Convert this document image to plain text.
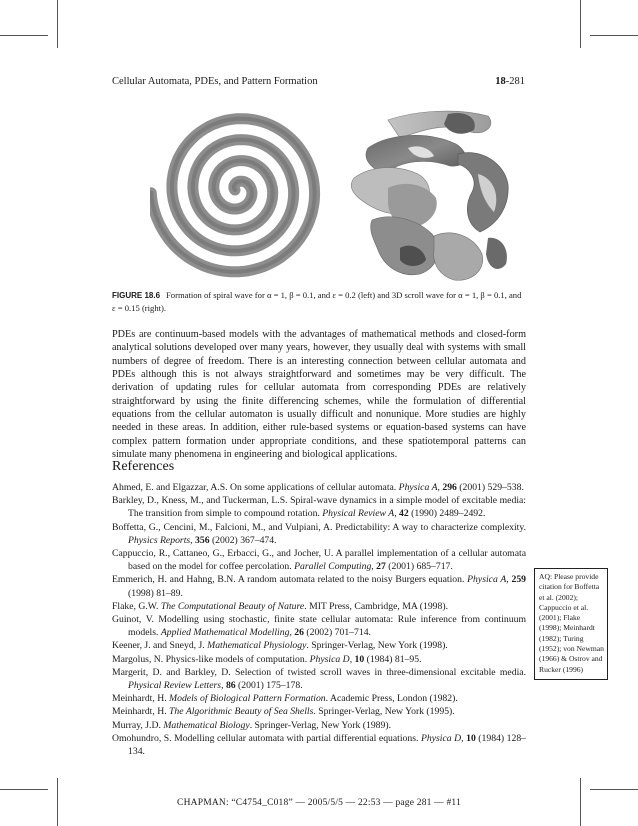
Cellular Automata, PDEs, and Pattern Formation	18-281
FIGURE 18.6 Formation of spiral wave for α = 1, β = 0.1, and ε = 0.2 (left) and 3D scroll wave for α = 1, β = 0.1, and ε = 0.15 (right).

PDEs are continuum-based models with the advantages of mathematical methods and closed-form analytical solutions developed over many years, however, they usually deal with systems with small numbers of degree of freedom. There is an interesting connection between cellular automata and PDEs although this is not always straightforward and sometimes may be very difficult. The derivation of updating rules for cellular automata from corresponding PDEs are relatively straightforward by using the finite differencing schemes, while the formulation of differential equations from the cellular automaton is usually difficult and nonunique. More studies are highly needed in these areas. In addition, either rule-based systems or equation-based systems can have complex pattern formation under appropriate conditions, and these spatiotemporal patterns can simulate many phenomena in engineering and biological applications.

References
Ahmed, E. and Elgazzar, A.S. On some applications of cellular automata. Physica A, 296 (2001) 529–538.
Barkley, D., Kness, M., and Tuckerman, L.S. Spiral-wave dynamics in a simple model of excitable media: The transition from simple to compound rotation. Physical Review A, 42 (1990) 2489–2492.
Boffetta, G., Cencini, M., Falcioni, M., and Vulpiani, A. Predictability: A way to characterize complexity. Physics Reports, 356 (2002) 367–474.
Cappuccio, R., Cattaneo, G., Erbacci, G., and Jocher, U. A parallel implementation of a cellular automata based on the model for coffee percolation. Parallel Computing, 27 (2001) 685–717.
Emmerich, H. and Hahng, B.N. A random automata related to the noisy Burgers equation. Physica A, 259 (1998) 81–89.
Flake, G.W. The Computational Beauty of Nature. MIT Press, Cambridge, MA (1998).
Guinot, V. Modelling using stochastic, finite state cellular automata: Rule inference from continuum models. Applied Mathematical Modelling, 26 (2002) 701–714.
Keener, J. and Sneyd, J. Mathematical Physiology. Springer-Verlag, New York (1998).
Margolus, N. Physics-like models of computation. Physica D, 10 (1984) 81–95.
Margerit, D. and Barkley, D. Selection of twisted scroll waves in three-dimensional excitable media. Physical Review Letters, 86 (2001) 175–178.
Meinhardt, H. Models of Biological Pattern Formation. Academic Press, London (1982).
Meinhardt, H. The Algorithmic Beauty of Sea Shells. Springer-Verlag, New York (1995).
Murray, J.D. Mathematical Biology. Springer-Verlag, New York (1989).
Omohundro, S. Modelling cellular automata with partial differential equations. Physica D, 10 (1984) 128–134.
AQ: Please provide citation for Boffetta et al. (2002); Cappuccio et al. (2001); Flake (1998); Meinhardt (1982); Turing (1952); von Newman (1966) & Ostrov and Rucker (1996)
CHAPMAN: “C4754_C018” — 2005/5/5 — 22:53 — page 281 — #11
